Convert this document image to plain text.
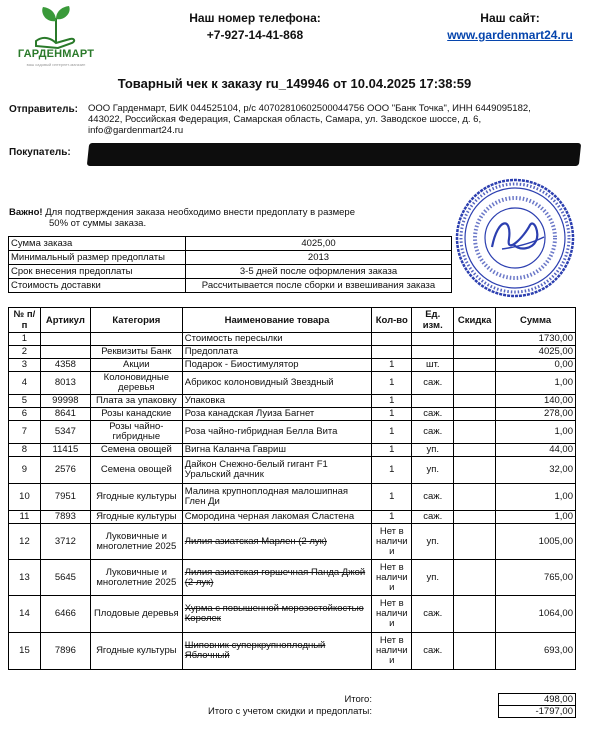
ГАРДЕНМАРТ
ваш садовый интернет-магазин
Наш номер телефона:
+7-927-14-41-868
Наш сайт:
www.gardenmart24.ru
Товарный чек к заказу ru_149946 от 10.04.2025 17:38:59
Отправитель: ООО Гарденмарт, БИК 044525104, р/с 40702810602500044756 ООО "Банк Точка", ИНН 6449095182,
443022, Российская Федерация, Самарская область, Самара, ул. Заводское шоссе, д. 6,
info@gardenmart24.ru
Покупатель:
Важно! Для подтверждения заказа необходимо внести предоплату в размере
50% от суммы заказа.
Сумма заказа	4025,00
Минимальный размер предоплаты	2013
Срок внесения предоплаты	3-5 дней после оформления заказа
Стоимость доставки	Рассчитывается после сборки и взвешивания заказа
№ п/п	Артикул	Категория	Наименование товара	Кол-во	Ед. изм.	Скидка	Сумма
1			Стоимость пересылки				1730,00
2		Реквизиты Банк	Предоплата				4025,00
3	4358	Акции	Подарок - Биостимулятор	1	шт.		0,00
4	8013	Колоновидные деревья	Абрикос колоновидный Звездный	1	саж.		1,00
5	99998	Плата за упаковку	Упаковка	1			140,00
6	8641	Розы канадские	Роза канадская Луиза Багнет	1	саж.		278,00
7	5347	Розы чайно-гибридные	Роза чайно-гибридная Белла Вита	1	саж.		1,00
8	11415	Семена овощей	Вигна Каланча Гавриш	1	уп.		44,00
9	2576	Семена овощей	Дайкон Снежно-белый гигант F1 Уральский дачник	1	уп.		32,00
10	7951	Ягодные культуры	Малина крупноплодная малошипная Глен Ди	1	саж.		1,00
11	7893	Ягодные культуры	Смородина черная лакомая Сластена	1	саж.		1,00
12	3712	Луковичные и многолетние 2025	Лилия азиатская Марлен (2 лук)	Нет в наличи и	уп.		1005,00
13	5645	Луковичные и многолетние 2025	Лилия азиатская горшечная Панда Джой (2 лук)	Нет в наличи и	уп.		765,00
14	6466	Плодовые деревья	Хурма с повышенной морозостойкостью Королек	Нет в наличи и	саж.		1064,00
15	7896	Ягодные культуры	Шиповник суперкрупноплодный Яблочный	Нет в наличи и	саж.		693,00
Итого:		498,00
Итого с учетом скидки и предоплаты:		-1797,00
